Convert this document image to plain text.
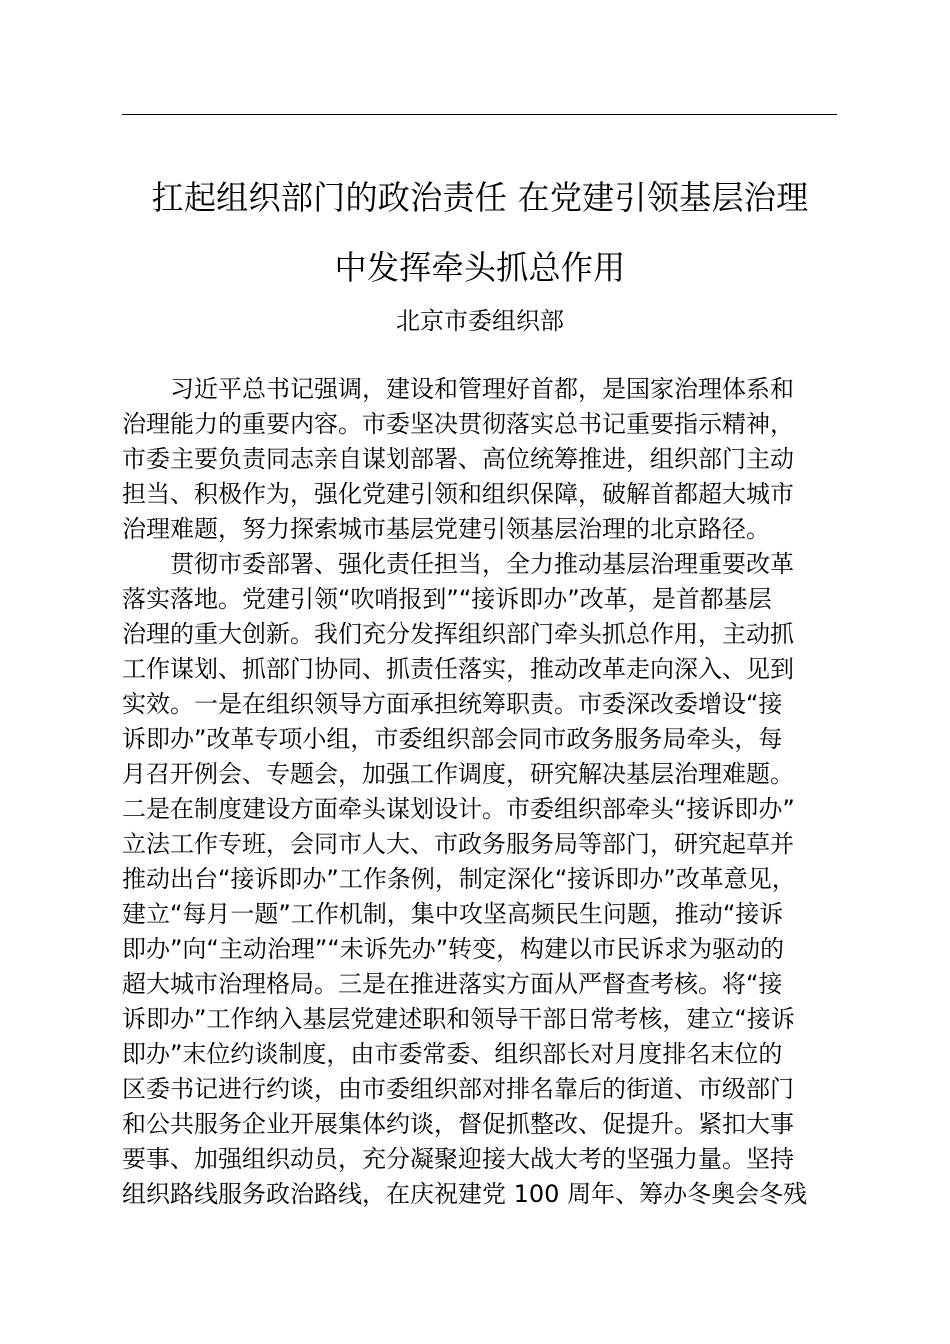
扛起组织部门的政治责任 在党建引领基层治理
中发挥牵头抓总作用
北京市委组织部
　　习近平总书记强调，建设和管理好首都，是国家治理体系和
治理能力的重要内容。市委坚决贯彻落实总书记重要指示精神，
市委主要负责同志亲自谋划部署、高位统筹推进，组织部门主动
担当、积极作为，强化党建引领和组织保障，破解首都超大城市
治理难题，努力探索城市基层党建引领基层治理的北京路径。
　　贯彻市委部署、强化责任担当，全力推动基层治理重要改革
落实落地。党建引领“吹哨报到”“接诉即办”改革，是首都基层
治理的重大创新。我们充分发挥组织部门牵头抓总作用，主动抓
工作谋划、抓部门协同、抓责任落实，推动改革走向深入、见到
实效。一是在组织领导方面承担统筹职责。市委深改委增设“接
诉即办”改革专项小组，市委组织部会同市政务服务局牵头，每
月召开例会、专题会，加强工作调度，研究解决基层治理难题。
二是在制度建设方面牵头谋划设计。市委组织部牵头“接诉即办”
立法工作专班，会同市人大、市政务服务局等部门，研究起草并
推动出台“接诉即办”工作条例，制定深化“接诉即办”改革意见，
建立“每月一题”工作机制，集中攻坚高频民生问题，推动“接诉
即办”向“主动治理”“未诉先办”转变，构建以市民诉求为驱动的
超大城市治理格局。三是在推进落实方面从严督查考核。将“接
诉即办”工作纳入基层党建述职和领导干部日常考核，建立“接诉
即办”末位约谈制度，由市委常委、组织部长对月度排名末位的
区委书记进行约谈，由市委组织部对排名靠后的街道、市级部门
和公共服务企业开展集体约谈，督促抓整改、促提升。紧扣大事
要事、加强组织动员，充分凝聚迎接大战大考的坚强力量。坚持
组织路线服务政治路线，在庆祝建党 100 周年、筹办冬奥会冬残
